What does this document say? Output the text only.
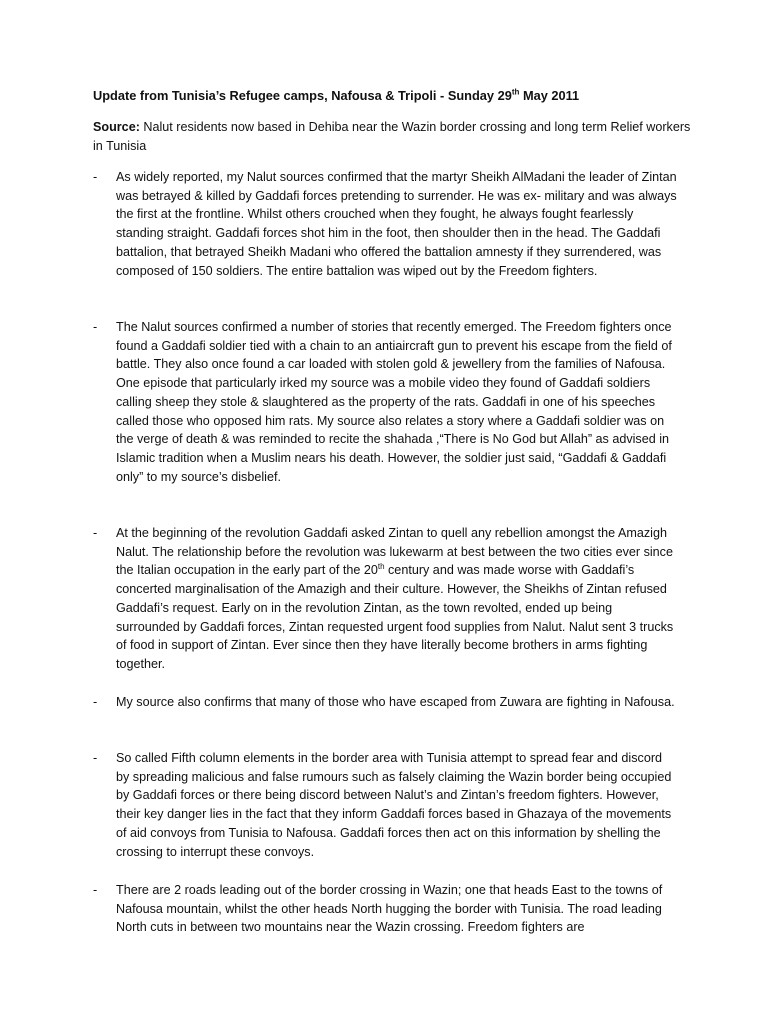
Update from Tunisia’s Refugee camps, Nafousa & Tripoli - Sunday 29th May 2011
Source: Nalut residents now based in Dehiba near the Wazin border crossing and long term Relief workers in Tunisia
- As widely reported, my Nalut sources confirmed that the martyr Sheikh AlMadani the leader of Zintan was betrayed & killed by Gaddafi forces pretending to surrender. He was ex- military and was always the first at the frontline. Whilst others crouched when they fought, he always fought fearlessly standing straight. Gaddafi forces shot him in the foot, then shoulder then in the head. The Gaddafi battalion, that betrayed Sheikh Madani who offered the battalion amnesty if they surrendered, was composed of 150 soldiers. The entire battalion was wiped out by the Freedom fighters.
- The Nalut sources confirmed a number of stories that recently emerged. The Freedom fighters once found a Gaddafi soldier tied with a chain to an antiaircraft gun to prevent his escape from the field of battle. They also once found a car loaded with stolen gold & jewellery from the families of Nafousa. One episode that particularly irked my source was a mobile video they found of Gaddafi soldiers calling sheep they stole & slaughtered as the property of the rats. Gaddafi in one of his speeches called those who opposed him rats. My source also relates a story where a Gaddafi soldier was on the verge of death & was reminded to recite the shahada ,“There is No God but Allah” as advised in Islamic tradition when a Muslim nears his death. However, the soldier just said, “Gaddafi & Gaddafi only” to my source’s disbelief.
- At the beginning of the revolution Gaddafi asked Zintan to quell any rebellion amongst the Amazigh Nalut. The relationship before the revolution was lukewarm at best between the two cities ever since the Italian occupation in the early part of the 20th century and was made worse with Gaddafi’s concerted marginalisation of the Amazigh and their culture. However, the Sheikhs of Zintan refused Gaddafi’s request. Early on in the revolution Zintan, as the town revolted, ended up being surrounded by Gaddafi forces, Zintan requested urgent food supplies from Nalut. Nalut sent 3 trucks of food in support of Zintan. Ever since then they have literally become brothers in arms fighting together.
- My source also confirms that many of those who have escaped from Zuwara are fighting in Nafousa.
- So called Fifth column elements in the border area with Tunisia attempt to spread fear and discord by spreading malicious and false rumours such as falsely claiming the Wazin border being occupied by Gaddafi forces or there being discord between Nalut’s and Zintan’s freedom fighters. However, their key danger lies in the fact that they inform Gaddafi forces based in Ghazaya of the movements of aid convoys from Tunisia to Nafousa. Gaddafi forces then act on this information by shelling the crossing to interrupt these convoys.
- There are 2 roads leading out of the border crossing in Wazin; one that heads East to the towns of Nafousa mountain, whilst the other heads North hugging the border with Tunisia. The road leading North cuts in between two mountains near the Wazin crossing. Freedom fighters are
